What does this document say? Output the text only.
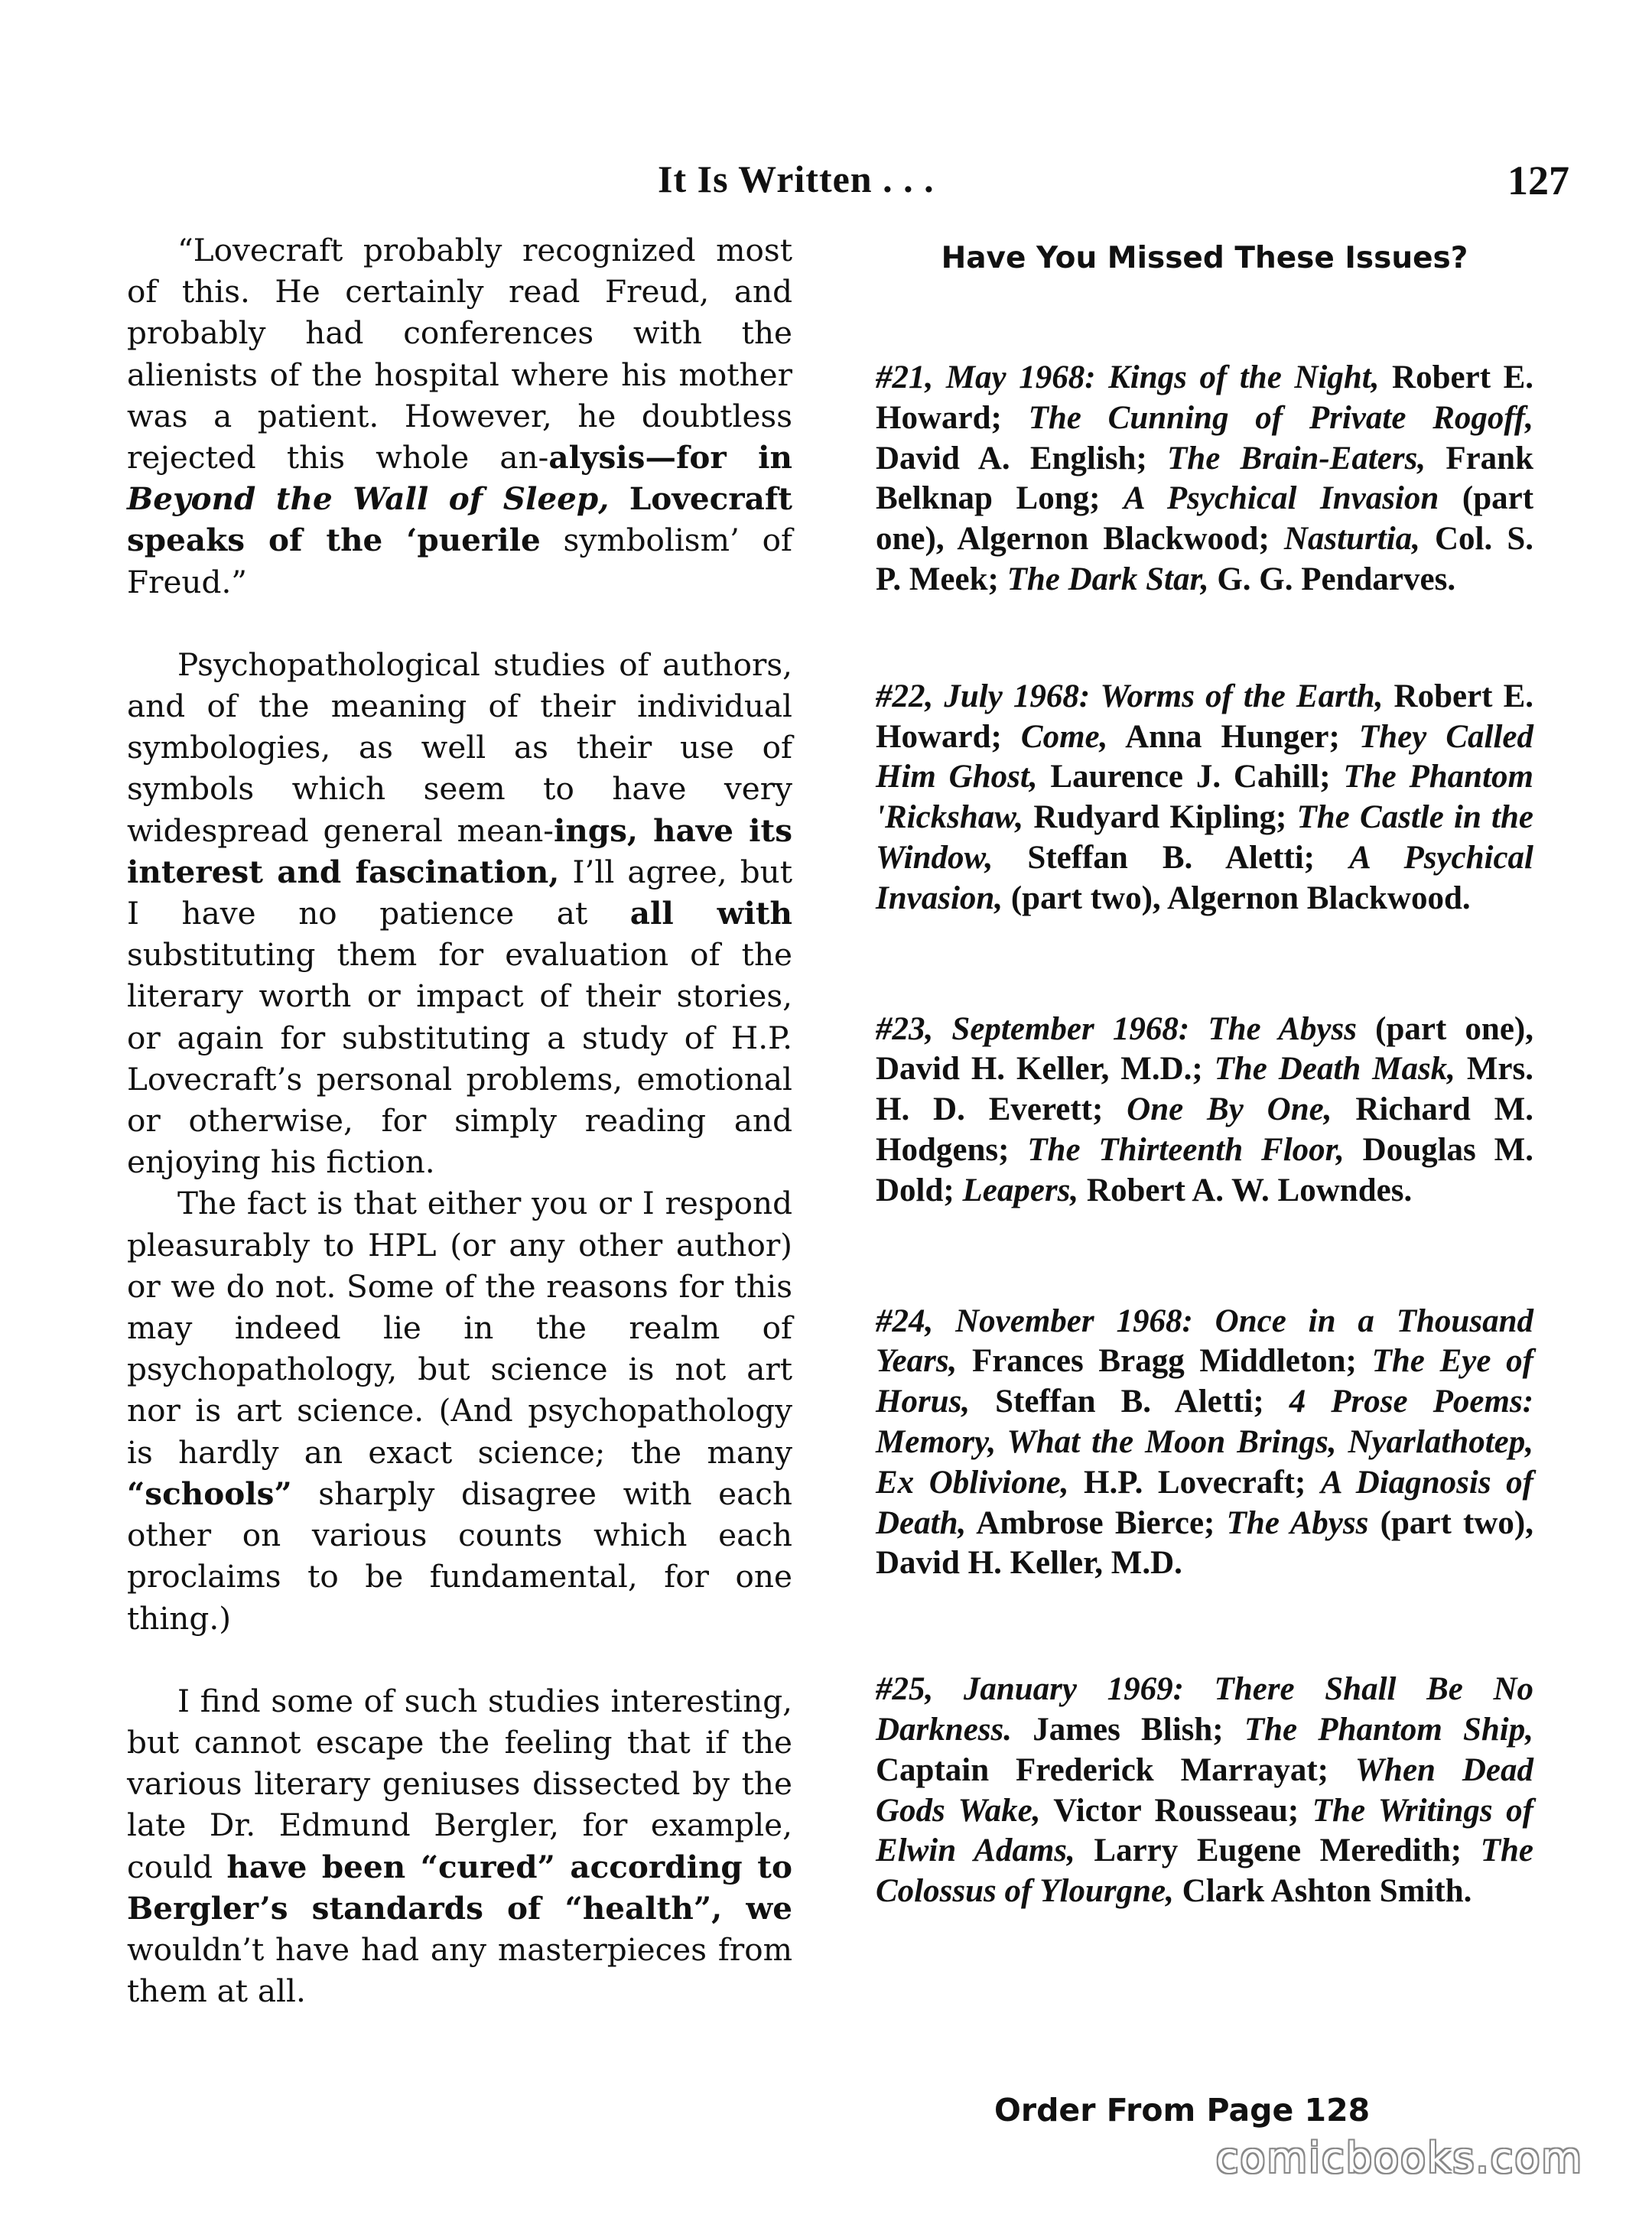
It Is Written . . .	127

“Lovecraft probably recognized most of this. He certainly read Freud, and probably had conferences with the alienists of the hospital where his mother was a patient. However, he doubtless rejected this whole an-alysis—for in Beyond the Wall of Sleep, Lovecraft speaks of the ‘puerile symbolism’ of Freud.”

Psychopathological studies of authors, and of the meaning of their individual symbologies, as well as their use of symbols which seem to have very widespread general mean-ings, have its interest and fascination, I’ll agree, but I have no patience at all with substituting them for evaluation of the literary worth or impact of their stories, or again for substituting a study of H.P. Lovecraft’s personal problems, emotional or otherwise, for simply reading and enjoying his fiction.

The fact is that either you or I respond pleasurably to HPL (or any other author) or we do not. Some of the reasons for this may indeed lie in the realm of psychopathology, but science is not art nor is art science. (And psychopathology is hardly an exact science; the many “schools” sharply disagree with each other on various counts which each proclaims to be fundamental, for one thing.)

I find some of such studies interesting, but cannot escape the feeling that if the various literary geniuses dissected by the late Dr. Edmund Bergler, for example, could have been “cured” according to Bergler’s standards of “health”, we wouldn’t have had any masterpieces from them at all.

Have You Missed These Issues?

#21, May 1968: Kings of the Night, Robert E. Howard; The Cunning of Private Rogoff, David A. English; The Brain-Eaters, Frank Belknap Long; A Psychical Invasion (part one), Algernon Blackwood; Nasturtia, Col. S. P. Meek; The Dark Star, G. G. Pendarves.

#22, July 1968: Worms of the Earth, Robert E. Howard; Come, Anna Hunger; They Called Him Ghost, Laurence J. Cahill; The Phantom 'Rickshaw, Rudyard Kipling; The Castle in the Window, Steffan B. Aletti; A Psychical Invasion, (part two), Algernon Blackwood.

#23, September 1968: The Abyss (part one), David H. Keller, M.D.; The Death Mask, Mrs. H. D. Everett; One By One, Richard M. Hodgens; The Thirteenth Floor, Douglas M. Dold; Leapers, Robert A. W. Lowndes.

#24, November 1968: Once in a Thousand Years, Frances Bragg Middleton; The Eye of Horus, Steffan B. Aletti; 4 Prose Poems: Memory, What the Moon Brings, Nyarlathotep, Ex Oblivione, H.P. Lovecraft; A Diagnosis of Death, Ambrose Bierce; The Abyss (part two), David H. Keller, M.D.

#25, January 1969: There Shall Be No Darkness. James Blish; The Phantom Ship, Captain Frederick Marrayat; When Dead Gods Wake, Victor Rousseau; The Writings of Elwin Adams, Larry Eugene Meredith; The Colossus of Ylourgne, Clark Ashton Smith.

Order From Page 128
comicbooks.com
